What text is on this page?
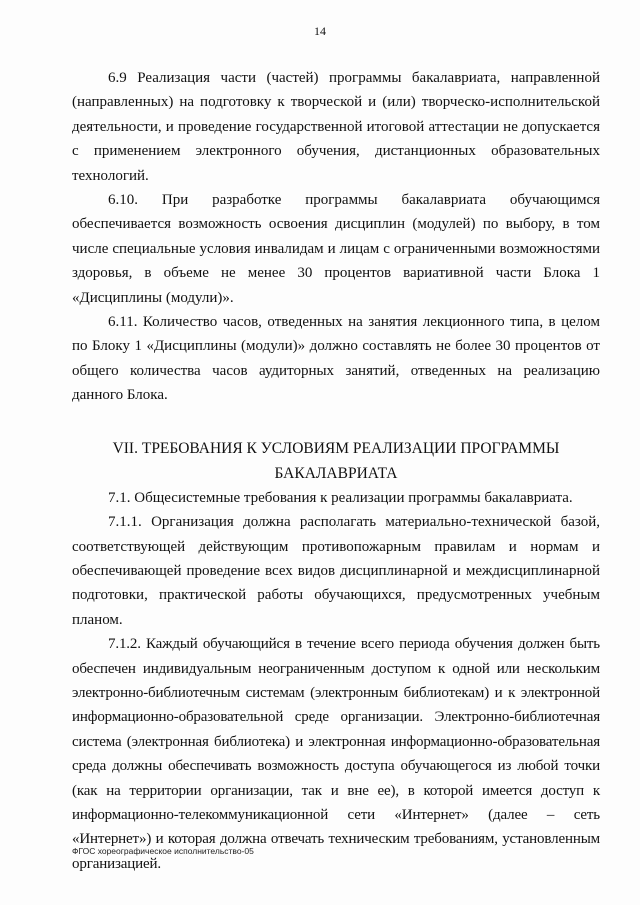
14

6.9 Реализация части (частей) программы бакалавриата, направленной (направленных) на подготовку к творческой и (или) творческо-исполнительской деятельности, и проведение государственной итоговой аттестации не допускается с применением электронного обучения, дистанционных образовательных технологий.

6.10. При разработке программы бакалавриата обучающимся обеспечивается возможность освоения дисциплин (модулей) по выбору, в том числе специальные условия инвалидам и лицам с ограниченными возможностями здоровья, в объеме не менее 30 процентов вариативной части Блока 1 «Дисциплины (модули)».

6.11. Количество часов, отведенных на занятия лекционного типа, в целом по Блоку 1 «Дисциплины (модули)» должно составлять не более 30 процентов от общего количества часов аудиторных занятий, отведенных на реализацию данного Блока.

VII. ТРЕБОВАНИЯ К УСЛОВИЯМ РЕАЛИЗАЦИИ ПРОГРАММЫ
БАКАЛАВРИАТА

7.1. Общесистемные требования к реализации программы бакалавриата.

7.1.1. Организация должна располагать материально-технической базой, соответствующей действующим противопожарным правилам и нормам и обеспечивающей проведение всех видов дисциплинарной и междисциплинарной подготовки, практической работы обучающихся, предусмотренных учебным планом.

7.1.2. Каждый обучающийся в течение всего периода обучения должен быть обеспечен индивидуальным неограниченным доступом к одной или нескольким электронно-библиотечным системам (электронным библиотекам) и к электронной информационно-образовательной среде организации. Электронно-библиотечная система (электронная библиотека) и электронная информационно-образовательная среда должны обеспечивать возможность доступа обучающегося из любой точки (как на территории организации, так и вне ее), в которой имеется доступ к информационно-телекоммуникационной сети «Интернет» (далее – сеть «Интернет») и которая должна отвечать техническим требованиям, установленным организацией.

ФГОС хореографическое исполнительство-05
